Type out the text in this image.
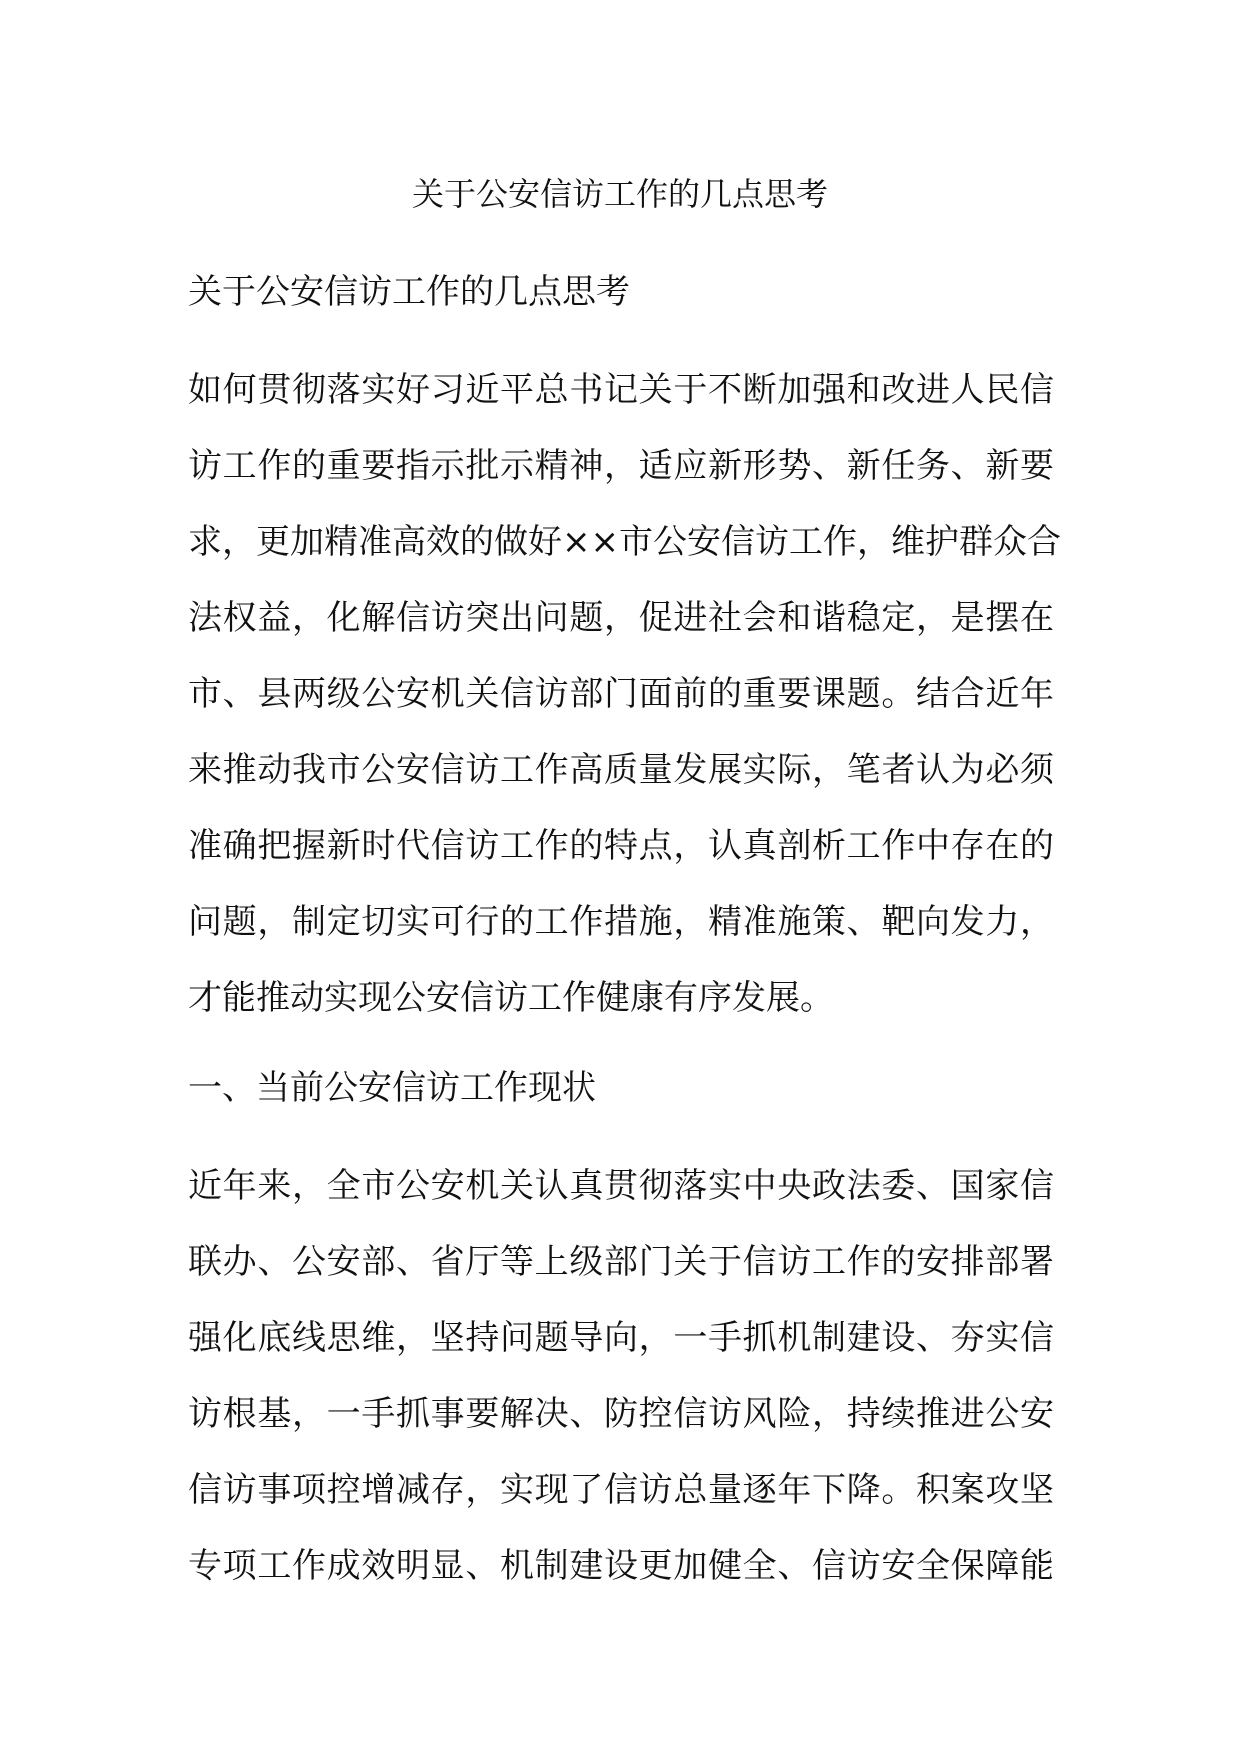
关于公安信访工作的几点思考
关于公安信访工作的几点思考
如何贯彻落实好习近平总书记关于不断加强和改进人民信
访工作的重要指示批示精神，适应新形势、新任务、新要
求，更加精准高效的做好××市公安信访工作，维护群众合
法权益，化解信访突出问题，促进社会和谐稳定，是摆在
市、县两级公安机关信访部门面前的重要课题。结合近年
来推动我市公安信访工作高质量发展实际，笔者认为必须
准确把握新时代信访工作的特点，认真剖析工作中存在的
问题，制定切实可行的工作措施，精准施策、靶向发力，
才能推动实现公安信访工作健康有序发展。
一、当前公安信访工作现状
近年来，全市公安机关认真贯彻落实中央政法委、国家信
联办、公安部、省厅等上级部门关于信访工作的安排部署
强化底线思维，坚持问题导向，一手抓机制建设、夯实信
访根基，一手抓事要解决、防控信访风险，持续推进公安
信访事项控增减存，实现了信访总量逐年下降。积案攻坚
专项工作成效明显、机制建设更加健全、信访安全保障能
